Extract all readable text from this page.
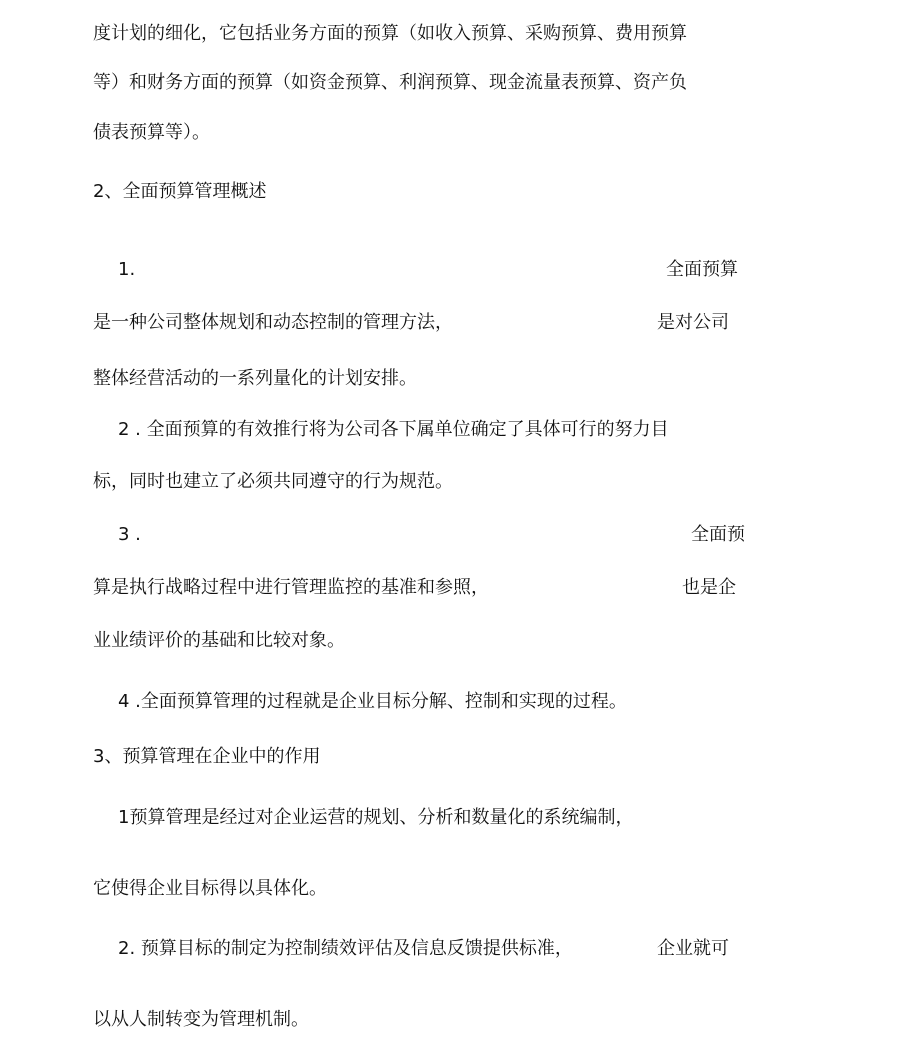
度计划的细化，它包括业务方面的预算（如收入预算、采购预算、费用预算

等）和财务方面的预算（如资金预算、利润预算、现金流量表预算、资产负

债表预算等）。

2、全面预算管理概述

1.	全面预算
是一种公司整体规划和动态控制的管理方法，	是对公司

整体经营活动的一系列量化的计划安排。

2 . 全面预算的有效推行将为公司各下属单位确定了具体可行的努力目

标，同时也建立了必须共同遵守的行为规范。

3 .	全面预
算是执行战略过程中进行管理监控的基准和参照，	也是企

业业绩评价的基础和比较对象。

4 .全面预算管理的过程就是企业目标分解、控制和实现的过程。

3、预算管理在企业中的作用

1预算管理是经过对企业运营的规划、分析和数量化的系统编制，

它使得企业目标得以具体化。

2. 预算目标的制定为控制绩效评估及信息反馈提供标准，	企业就可

以从人制转变为管理机制。
